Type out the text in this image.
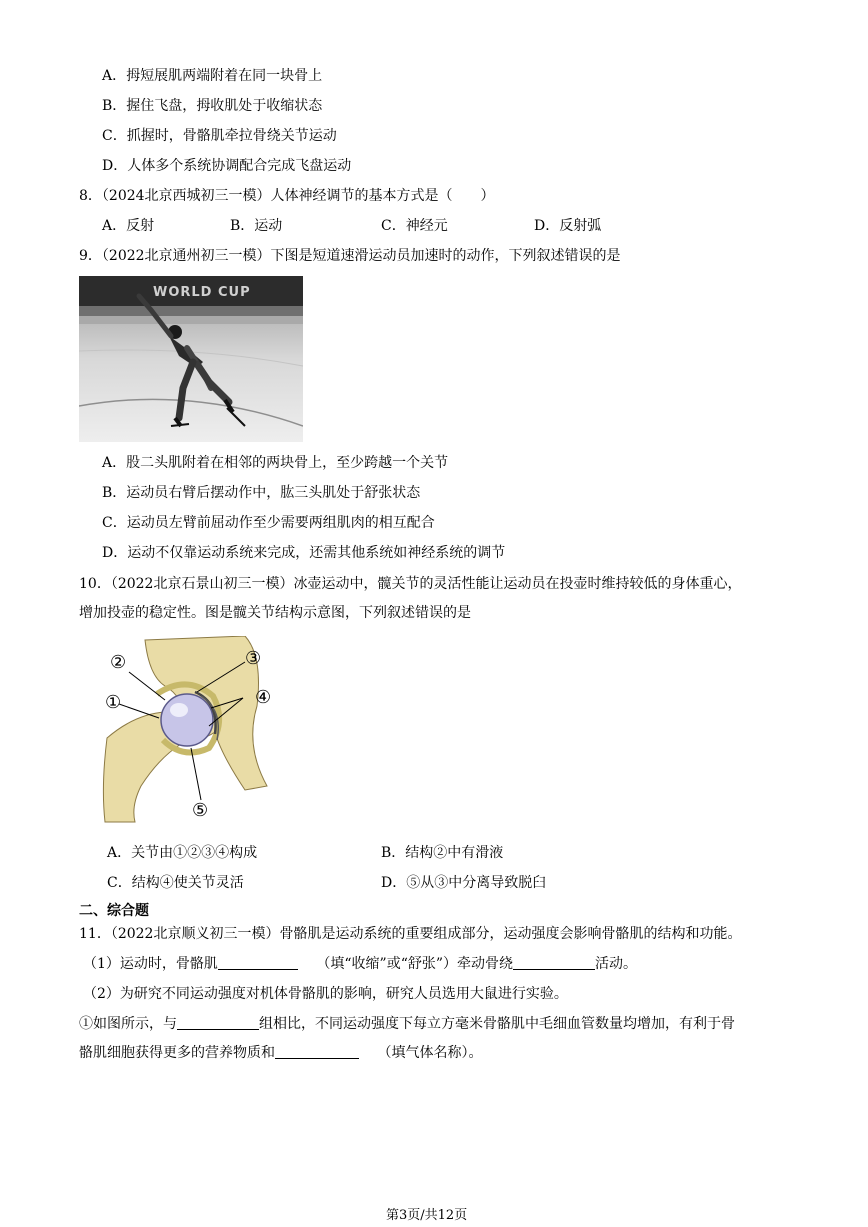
A．拇短展肌两端附着在同一块骨上
B．握住飞盘，拇收肌处于收缩状态
C．抓握时，骨骼肌牵拉骨绕关节运动
D．人体多个系统协调配合完成飞盘运动
8．（2024北京西城初三一模）人体神经调节的基本方式是（　　）
A．反射	B．运动	C．神经元	D．反射弧
9．（2022北京通州初三一模）下图是短道速滑运动员加速时的动作，下列叙述错误的是
WORLD CUP
A．股二头肌附着在相邻的两块骨上，至少跨越一个关节
B．运动员右臂后摆动作中，肱三头肌处于舒张状态
C．运动员左臂前屈动作至少需要两组肌肉的相互配合
D．运动不仅靠运动系统来完成，还需其他系统如神经系统的调节
10．（2022北京石景山初三一模）冰壶运动中，髋关节的灵活性能让运动员在投壶时维持较低的身体重心，
增加投壶的稳定性。图是髋关节结构示意图，下列叙述错误的是
①
②	③
④
⑤
A．关节由①②③④构成	B．结构②中有滑液
C．结构④使关节灵活	D．⑤从③中分离导致脱臼
二、综合题
11．（2022北京顺义初三一模）骨骼肌是运动系统的重要组成部分，运动强度会影响骨骼肌的结构和功能。
（1）运动时，骨骼肌	（填“收缩”或“舒张”）牵动骨绕	活动。
（2）为研究不同运动强度对机体骨骼肌的影响，研究人员选用大鼠进行实验。
①如图所示，与	组相比，不同运动强度下每立方毫米骨骼肌中毛细血管数量均增加，有利于骨
骼肌细胞获得更多的营养物质和	（填气体名称）。
第3页/共12页
